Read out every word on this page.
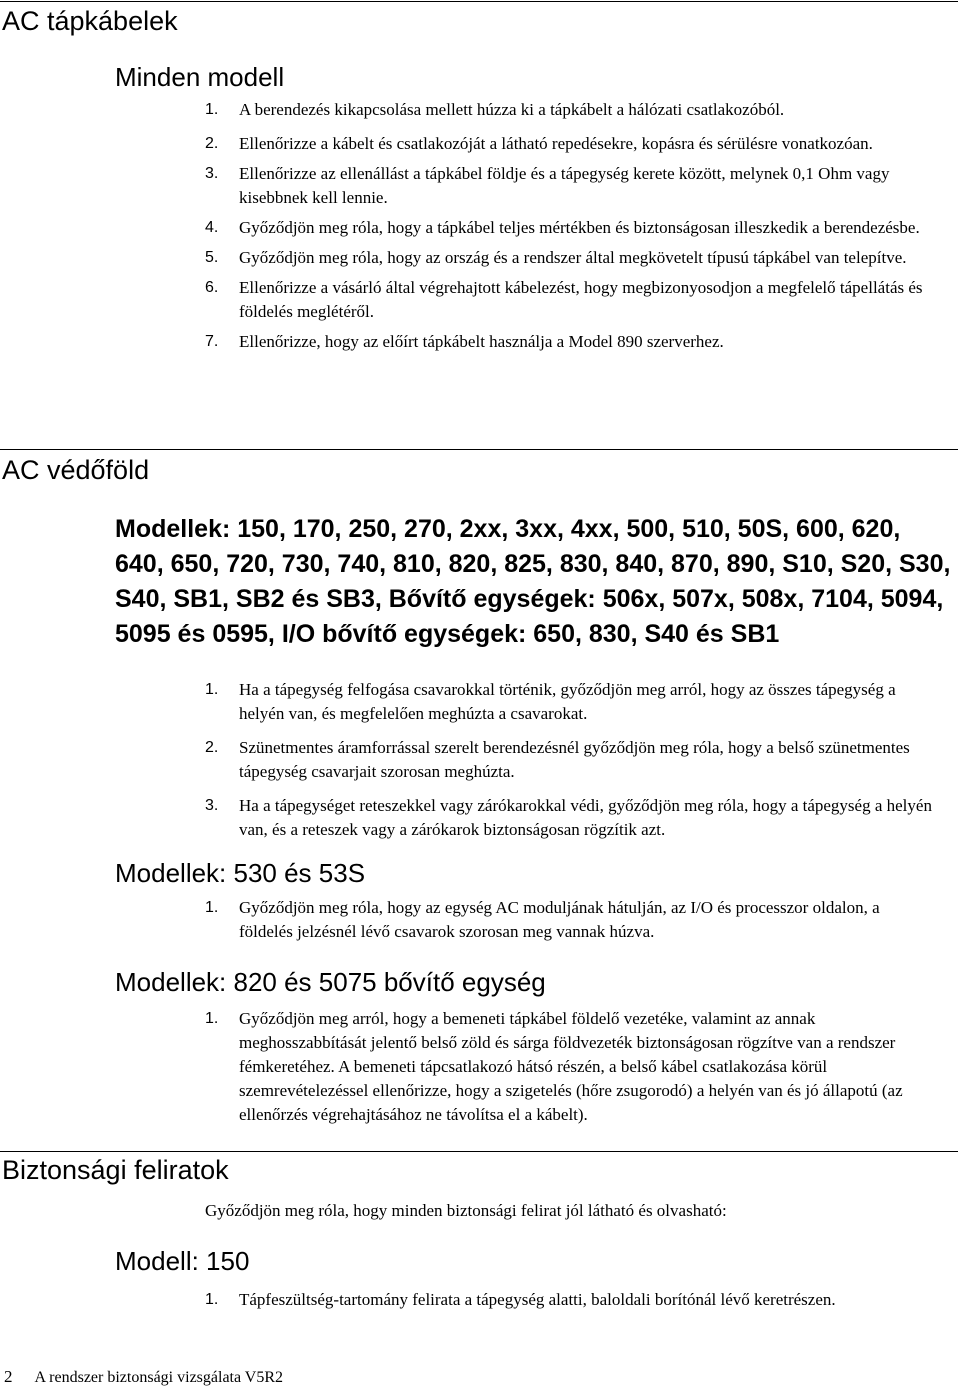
AC tápkábelek
Minden modell
1. A berendezés kikapcsolása mellett húzza ki a tápkábelt a hálózati csatlakozóból.
2. Ellenőrizze a kábelt és csatlakozóját a látható repedésekre, kopásra és sérülésre vonatkozóan.
3. Ellenőrizze az ellenállást a tápkábel földje és a tápegység kerete között, melynek 0,1 Ohm vagy kisebbnek kell lennie.
4. Győződjön meg róla, hogy a tápkábel teljes mértékben és biztonságosan illeszkedik a berendezésbe.
5. Győződjön meg róla, hogy az ország és a rendszer által megkövetelt típusú tápkábel van telepítve.
6. Ellenőrizze a vásárló által végrehajtott kábelezést, hogy megbizonyosodjon a megfelelő tápellátás és földelés meglétéről.
7. Ellenőrizze, hogy az előírt tápkábelt használja a Model 890 szerverhez.
AC védőföld
Modellek: 150, 170, 250, 270, 2xx, 3xx, 4xx, 500, 510, 50S, 600, 620, 640, 650, 720, 730, 740, 810, 820, 825, 830, 840, 870, 890, S10, S20, S30, S40, SB1, SB2 és SB3, Bővítő egységek: 506x, 507x, 508x, 7104, 5094, 5095 és 0595, I/O bővítő egységek: 650, 830, S40 és SB1
1. Ha a tápegység felfogása csavarokkal történik, győződjön meg arról, hogy az összes tápegység a helyén van, és megfelelően meghúzta a csavarokat.
2. Szünetmentes áramforrással szerelt berendezésnél győződjön meg róla, hogy a belső szünetmentes tápegység csavarjait szorosan meghúzta.
3. Ha a tápegységet reteszekkel vagy zárókarokkal védi, győződjön meg róla, hogy a tápegység a helyén van, és a reteszek vagy a zárókarok biztonságosan rögzítik azt.
Modellek: 530 és 53S
1. Győződjön meg róla, hogy az egység AC moduljának hátulján, az I/O és processzor oldalon, a földelés jelzésnél lévő csavarok szorosan meg vannak húzva.
Modellek: 820 és 5075 bővítő egység
1. Győződjön meg arról, hogy a bemeneti tápkábel földelő vezetéke, valamint az annak meghosszabbítását jelentő belső zöld és sárga földvezeték biztonságosan rögzítve van a rendszer fémkeretéhez. A bemeneti tápcsatlakozó hátsó részén, a belső kábel csatlakozása körül szemrevételezéssel ellenőrizze, hogy a szigetelés (hőre zsugorodó) a helyén van és jó állapotú (az ellenőrzés végrehajtásához ne távolítsa el a kábelt).
Biztonsági feliratok

Győződjön meg róla, hogy minden biztonsági felirat jól látható és olvasható:

Modell: 150
1. Tápfeszültség-tartomány felirata a tápegység alatti, baloldali borítónál lévő keretrészen.
2 A rendszer biztonsági vizsgálata V5R2
